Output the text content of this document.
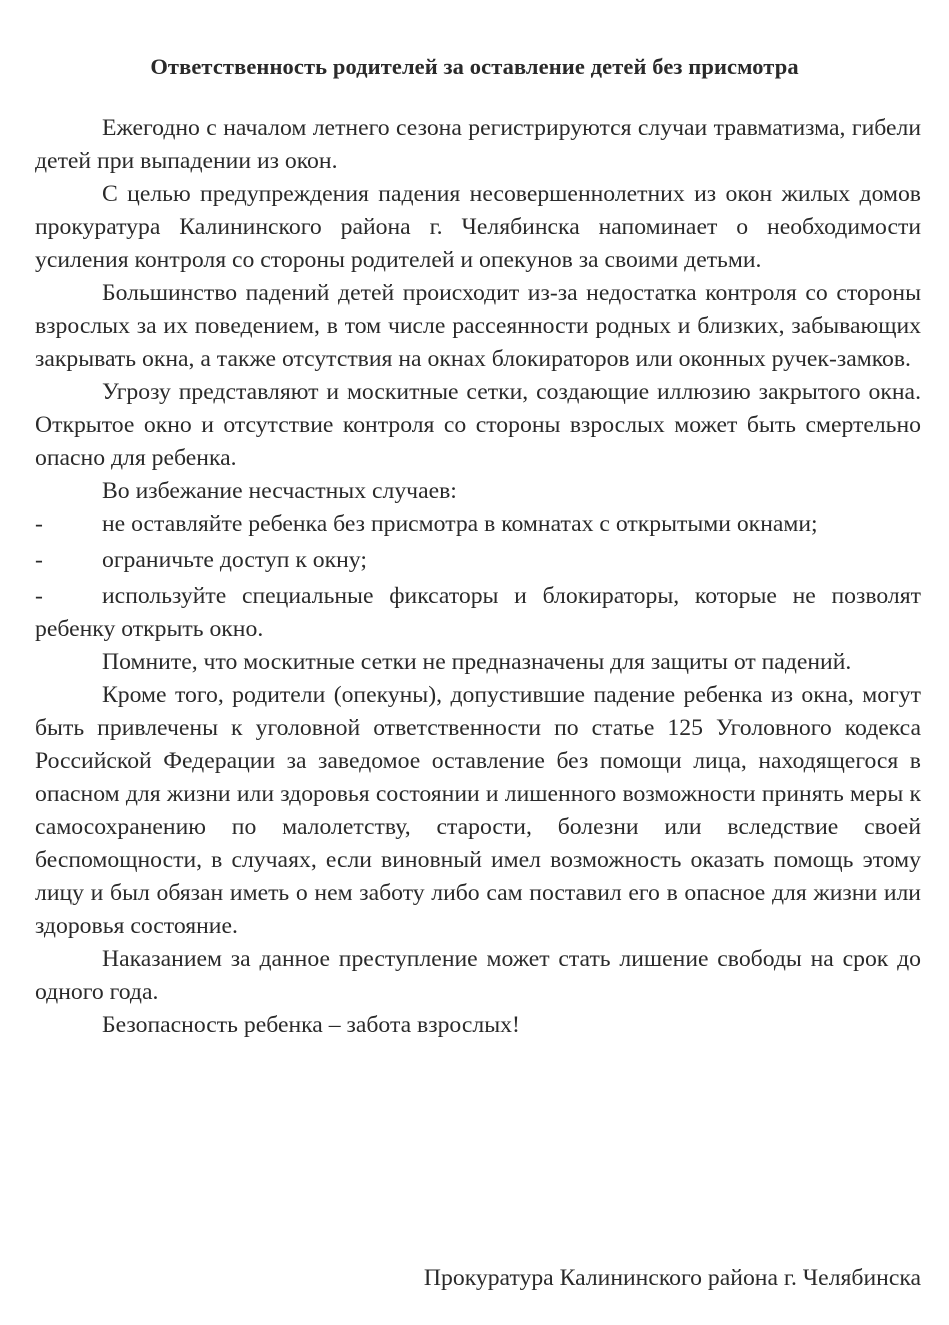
Ответственность родителей за оставление детей без присмотра

Ежегодно с началом летнего сезона регистрируются случаи травматизма, гибели детей при выпадении из окон.

С целью предупреждения падения несовершеннолетних из окон жилых домов прокуратура Калининского района г. Челябинска напоминает о необходимости усиления контроля со стороны родителей и опекунов за своими детьми.

Большинство падений детей происходит из-за недостатка контроля со стороны взрослых за их поведением, в том числе рассеянности родных и близких, забывающих закрывать окна, а также отсутствия на окнах блокираторов или оконных ручек-замков.

Угрозу представляют и москитные сетки, создающие иллюзию закрытого окна. Открытое окно и отсутствие контроля со стороны взрослых может быть смертельно опасно для ребенка.

Во избежание несчастных случаев:

- не оставляйте ребенка без присмотра в комнатах с открытыми окнами;

- ограничьте доступ к окну;

- используйте специальные фиксаторы и блокираторы, которые не позволят ребенку открыть окно.

Помните, что москитные сетки не предназначены для защиты от падений.

Кроме того, родители (опекуны), допустившие падение ребенка из окна, могут быть привлечены к уголовной ответственности по статье 125 Уголовного кодекса Российской Федерации за заведомое оставление без помощи лица, находящегося в опасном для жизни или здоровья состоянии и лишенного возможности принять меры к самосохранению по малолетству, старости, болезни или вследствие своей беспомощности, в случаях, если виновный имел возможность оказать помощь этому лицу и был обязан иметь о нем заботу либо сам поставил его в опасное для жизни или здоровья состояние.

Наказанием за данное преступление может стать лишение свободы на срок до одного года.

Безопасность ребенка – забота взрослых!

Прокуратура Калининского района г. Челябинска
